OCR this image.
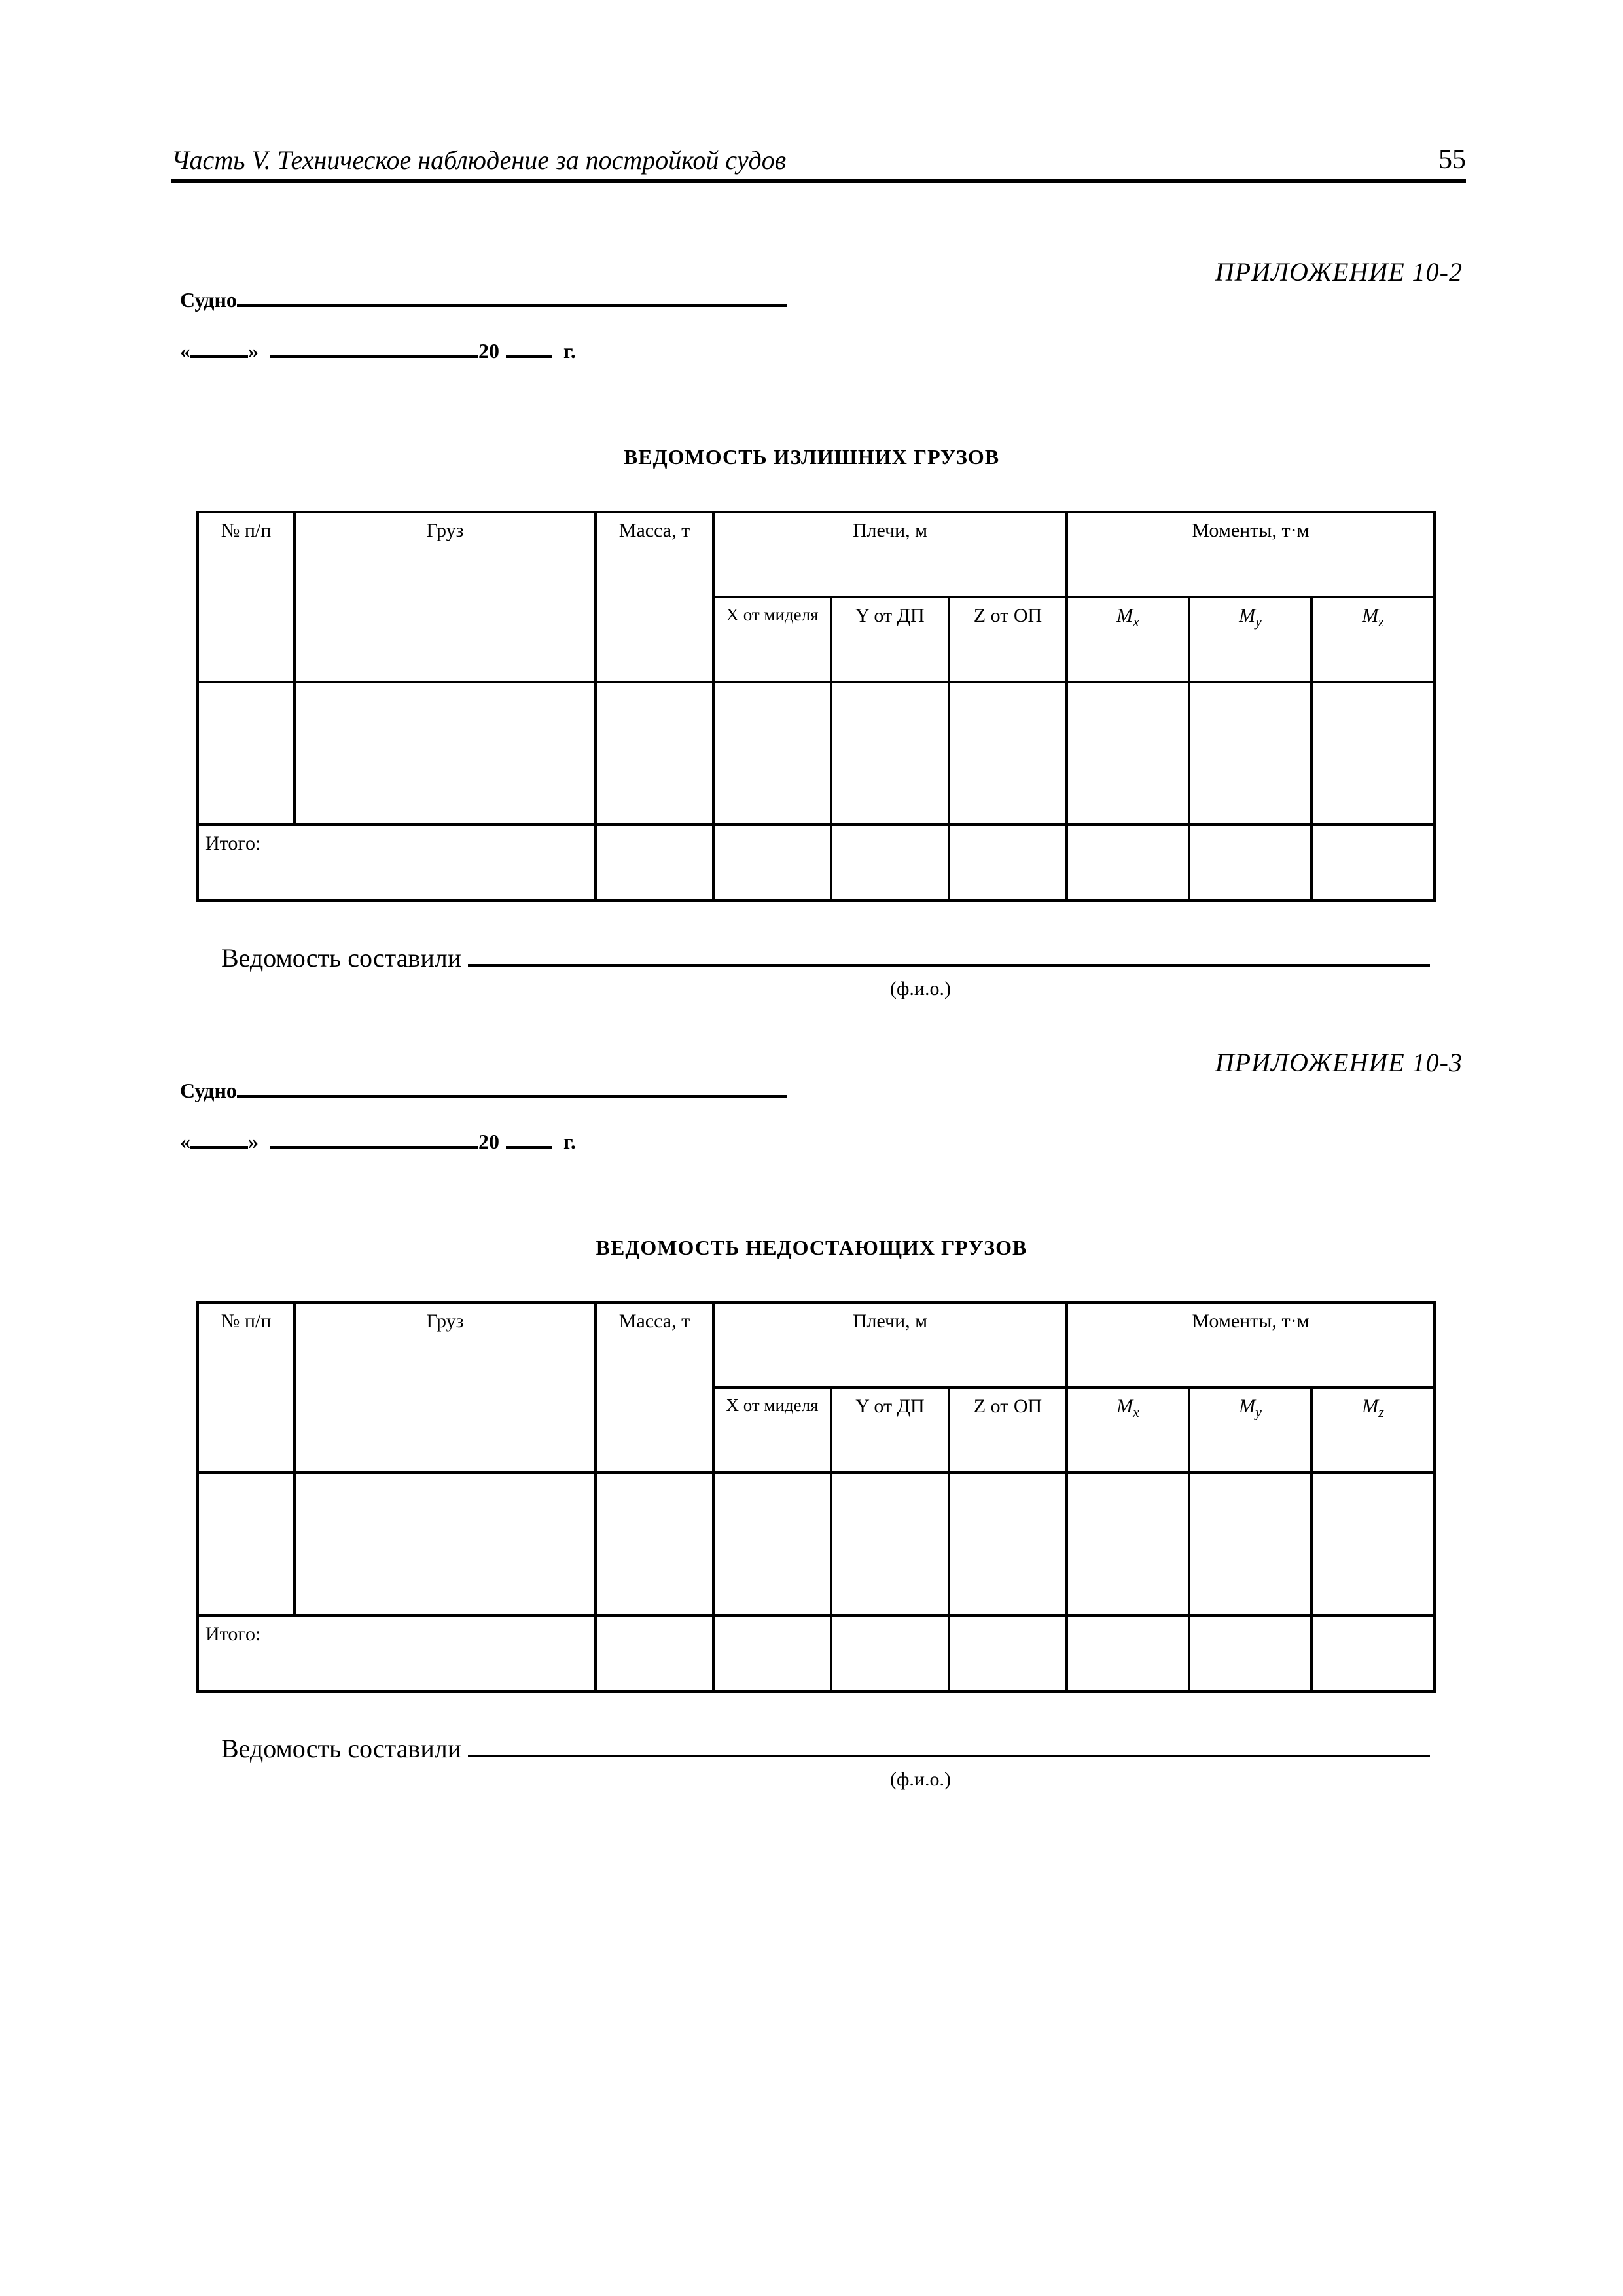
Часть V. Техническое наблюдение за постройкой судов	55
ПРИЛОЖЕНИЕ 10-2
Судно
«	»	20	г.
ВЕДОМОСТЬ ИЗЛИШНИХ ГРУЗОВ
№ п/п	Груз	Масса, т	Плечи, м			Моменты, т·м		
			X от миделя	Y от ДП	Z от ОП	$M_x$	$M_y$	$M_z$

Итого:								
Ведомость составили
(ф.и.о.)
ПРИЛОЖЕНИЕ 10-3
Судно
«	»	20	г.
ВЕДОМОСТЬ НЕДОСТАЮЩИХ ГРУЗОВ
№ п/п	Груз	Масса, т	Плечи, м			Моменты, т·м		
			X от миделя	Y от ДП	Z от ОП	$M_x$	$M_y$	$M_z$

Итого:								
Ведомость составили
(ф.и.о.)
